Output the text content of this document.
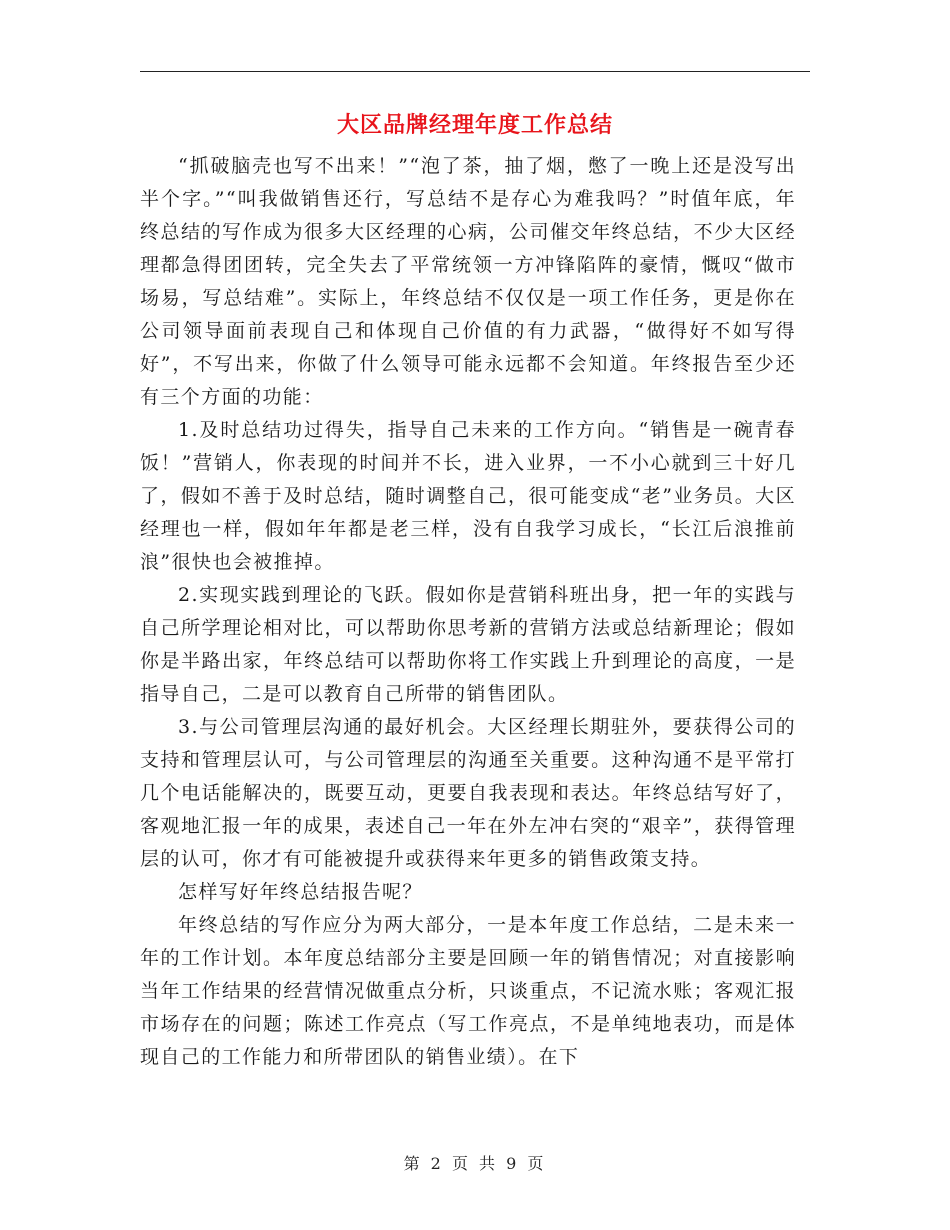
大区品牌经理年度工作总结

“抓破脑壳也写不出来！”“泡了茶，抽了烟，憋了一晚上还是没写出半个字。”“叫我做销售还行，写总结不是存心为难我吗？”时值年底，年终总结的写作成为很多大区经理的心病，公司催交年终总结，不少大区经理都急得团团转，完全失去了平常统领一方冲锋陷阵的豪情，慨叹“做市场易，写总结难”。实际上，年终总结不仅仅是一项工作任务，更是你在公司领导面前表现自己和体现自己价值的有力武器，“做得好不如写得好”，不写出来，你做了什么领导可能永远都不会知道。年终报告至少还有三个方面的功能：

1.及时总结功过得失，指导自己未来的工作方向。“销售是一碗青春饭！”营销人，你表现的时间并不长，进入业界，一不小心就到三十好几了，假如不善于及时总结，随时调整自己，很可能变成“老”业务员。大区经理也一样，假如年年都是老三样，没有自我学习成长，“长江后浪推前浪”很快也会被推掉。

2.实现实践到理论的飞跃。假如你是营销科班出身，把一年的实践与自己所学理论相对比，可以帮助你思考新的营销方法或总结新理论；假如你是半路出家，年终总结可以帮助你将工作实践上升到理论的高度，一是指导自己，二是可以教育自己所带的销售团队。

3.与公司管理层沟通的最好机会。大区经理长期驻外，要获得公司的支持和管理层认可，与公司管理层的沟通至关重要。这种沟通不是平常打几个电话能解决的，既要互动，更要自我表现和表达。年终总结写好了，客观地汇报一年的成果，表述自己一年在外左冲右突的“艰辛”，获得管理层的认可，你才有可能被提升或获得来年更多的销售政策支持。

怎样写好年终总结报告呢？

年终总结的写作应分为两大部分，一是本年度工作总结，二是未来一年的工作计划。本年度总结部分主要是回顾一年的销售情况；对直接影响当年工作结果的经营情况做重点分析，只谈重点，不记流水账；客观汇报市场存在的问题；陈述工作亮点（写工作亮点，不是单纯地表功，而是体现自己的工作能力和所带团队的销售业绩）。在下

第 2 页 共 9 页
